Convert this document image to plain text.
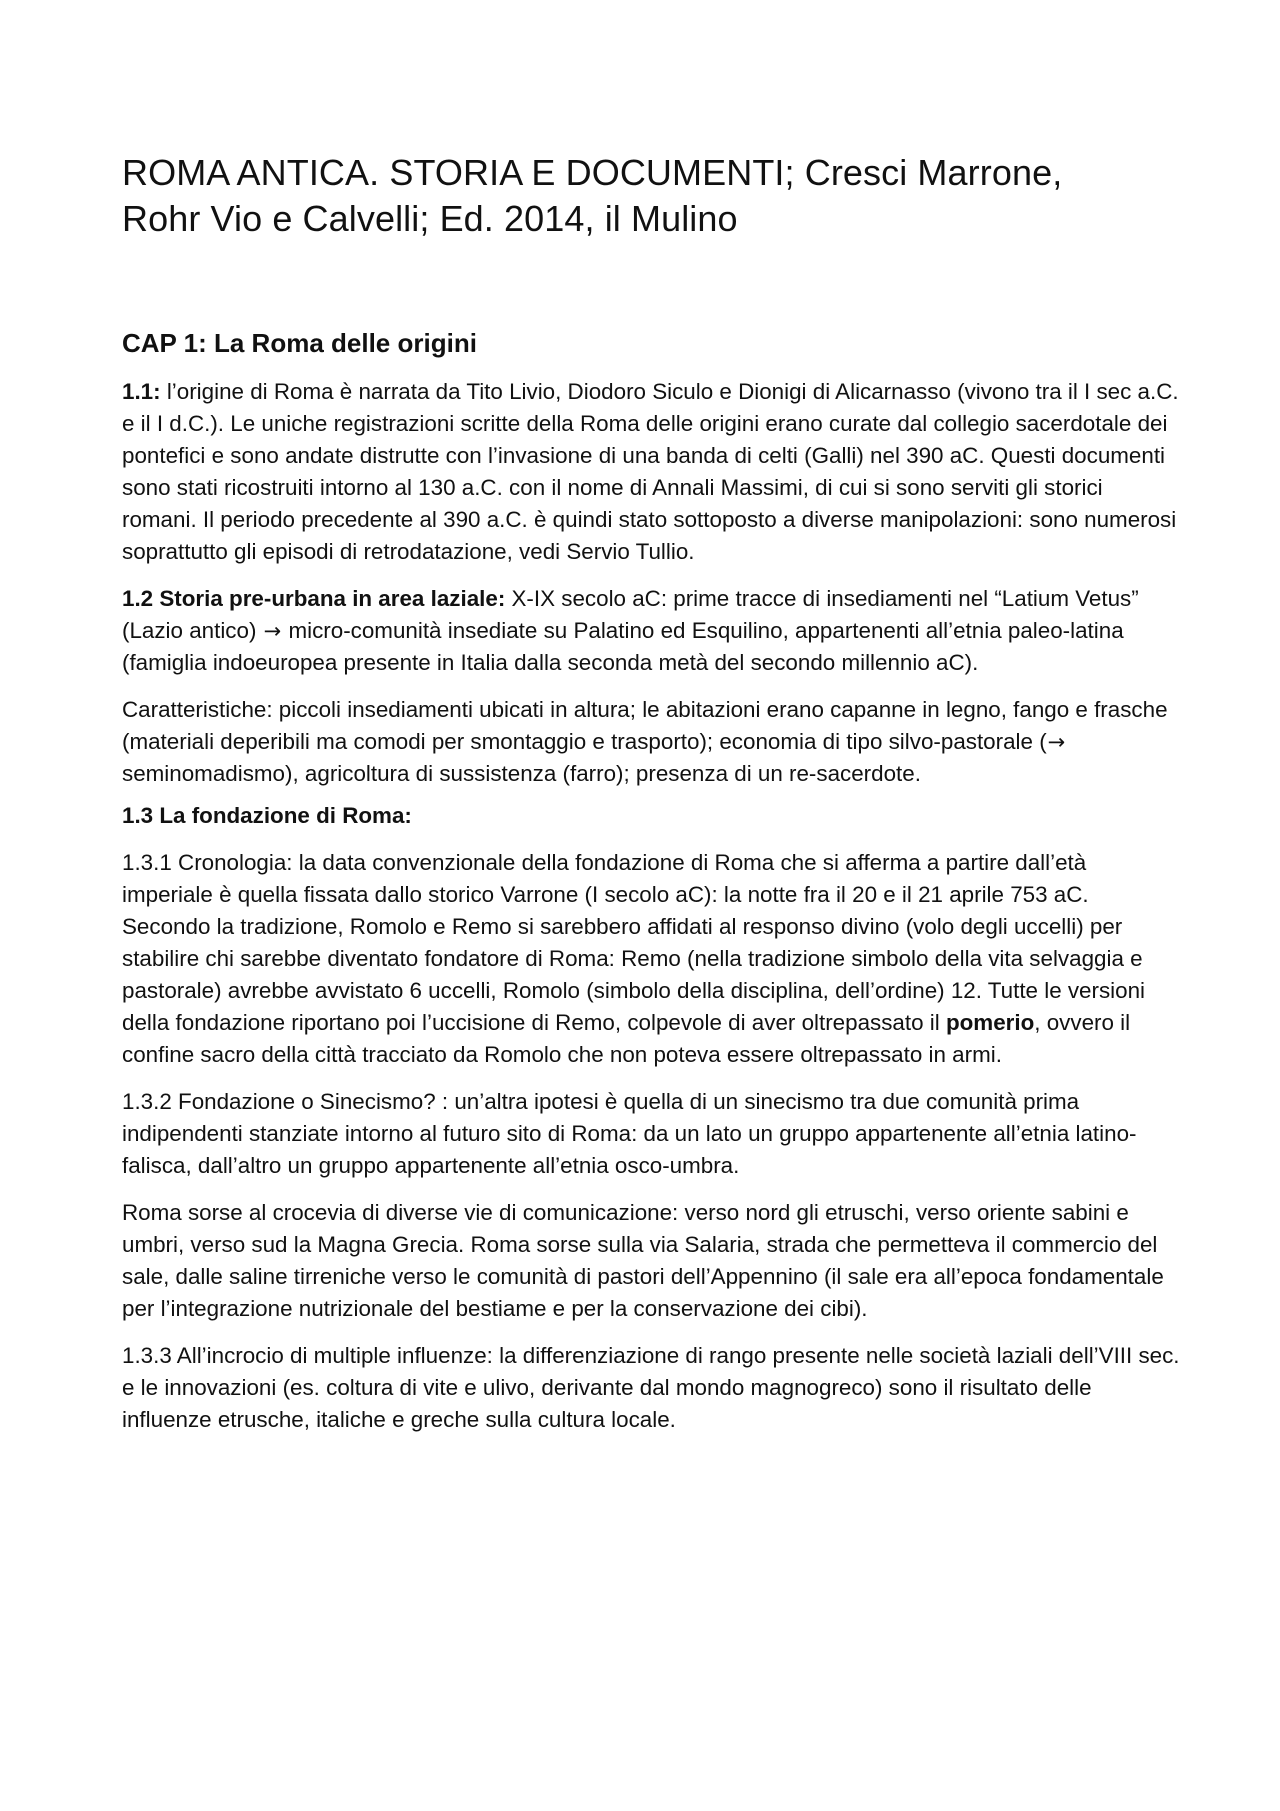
ROMA ANTICA. STORIA E DOCUMENTI; Cresci Marrone,
Rohr Vio e Calvelli; Ed. 2014, il Mulino
CAP 1: La Roma delle origini

1.1: l’origine di Roma è narrata da Tito Livio, Diodoro Siculo e Dionigi di Alicarnasso (vivono tra il I sec a.C. e il I d.C.). Le uniche registrazioni scritte della Roma delle origini erano curate dal collegio sacerdotale dei pontefici e sono andate distrutte con l’invasione di una banda di celti (Galli) nel 390 aC. Questi documenti sono stati ricostruiti intorno al 130 a.C. con il nome di Annali Massimi, di cui si sono serviti gli storici romani. Il periodo precedente al 390 a.C. è quindi stato sottoposto a diverse manipolazioni: sono numerosi soprattutto gli episodi di retrodatazione, vedi Servio Tullio.

1.2 Storia pre-urbana in area laziale: X-IX secolo aC: prime tracce di insediamenti nel “Latium Vetus” (Lazio antico) → micro-comunità insediate su Palatino ed Esquilino, appartenenti all’etnia paleo-latina (famiglia indoeuropea presente in Italia dalla seconda metà del secondo millennio aC).

Caratteristiche: piccoli insediamenti ubicati in altura; le abitazioni erano capanne in legno, fango e frasche (materiali deperibili ma comodi per smontaggio e trasporto); economia di tipo silvo-pastorale (→ seminomadismo), agricoltura di sussistenza (farro); presenza di un re-sacerdote.

1.3 La fondazione di Roma:

1.3.1 Cronologia: la data convenzionale della fondazione di Roma che si afferma a partire dall’età imperiale è quella fissata dallo storico Varrone (I secolo aC): la notte fra il 20 e il 21 aprile 753 aC. Secondo la tradizione, Romolo e Remo si sarebbero affidati al responso divino (volo degli uccelli) per stabilire chi sarebbe diventato fondatore di Roma: Remo (nella tradizione simbolo della vita selvaggia e pastorale) avrebbe avvistato 6 uccelli, Romolo (simbolo della disciplina, dell’ordine) 12. Tutte le versioni della fondazione riportano poi l’uccisione di Remo, colpevole di aver oltrepassato il pomerio, ovvero il confine sacro della città tracciato da Romolo che non poteva essere oltrepassato in armi.

1.3.2 Fondazione o Sinecismo? : un’altra ipotesi è quella di un sinecismo tra due comunità prima indipendenti stanziate intorno al futuro sito di Roma: da un lato un gruppo appartenente all’etnia latino-falisca, dall’altro un gruppo appartenente all’etnia osco-umbra.

Roma sorse al crocevia di diverse vie di comunicazione: verso nord gli etruschi, verso oriente sabini e umbri, verso sud la Magna Grecia. Roma sorse sulla via Salaria, strada che permetteva il commercio del sale, dalle saline tirreniche verso le comunità di pastori dell’Appennino (il sale era all’epoca fondamentale per l’integrazione nutrizionale del bestiame e per la conservazione dei cibi).

1.3.3 All’incrocio di multiple influenze: la differenziazione di rango presente nelle società laziali dell’VIII sec. e le innovazioni (es. coltura di vite e ulivo, derivante dal mondo magnogreco) sono il risultato delle influenze etrusche, italiche e greche sulla cultura locale.
